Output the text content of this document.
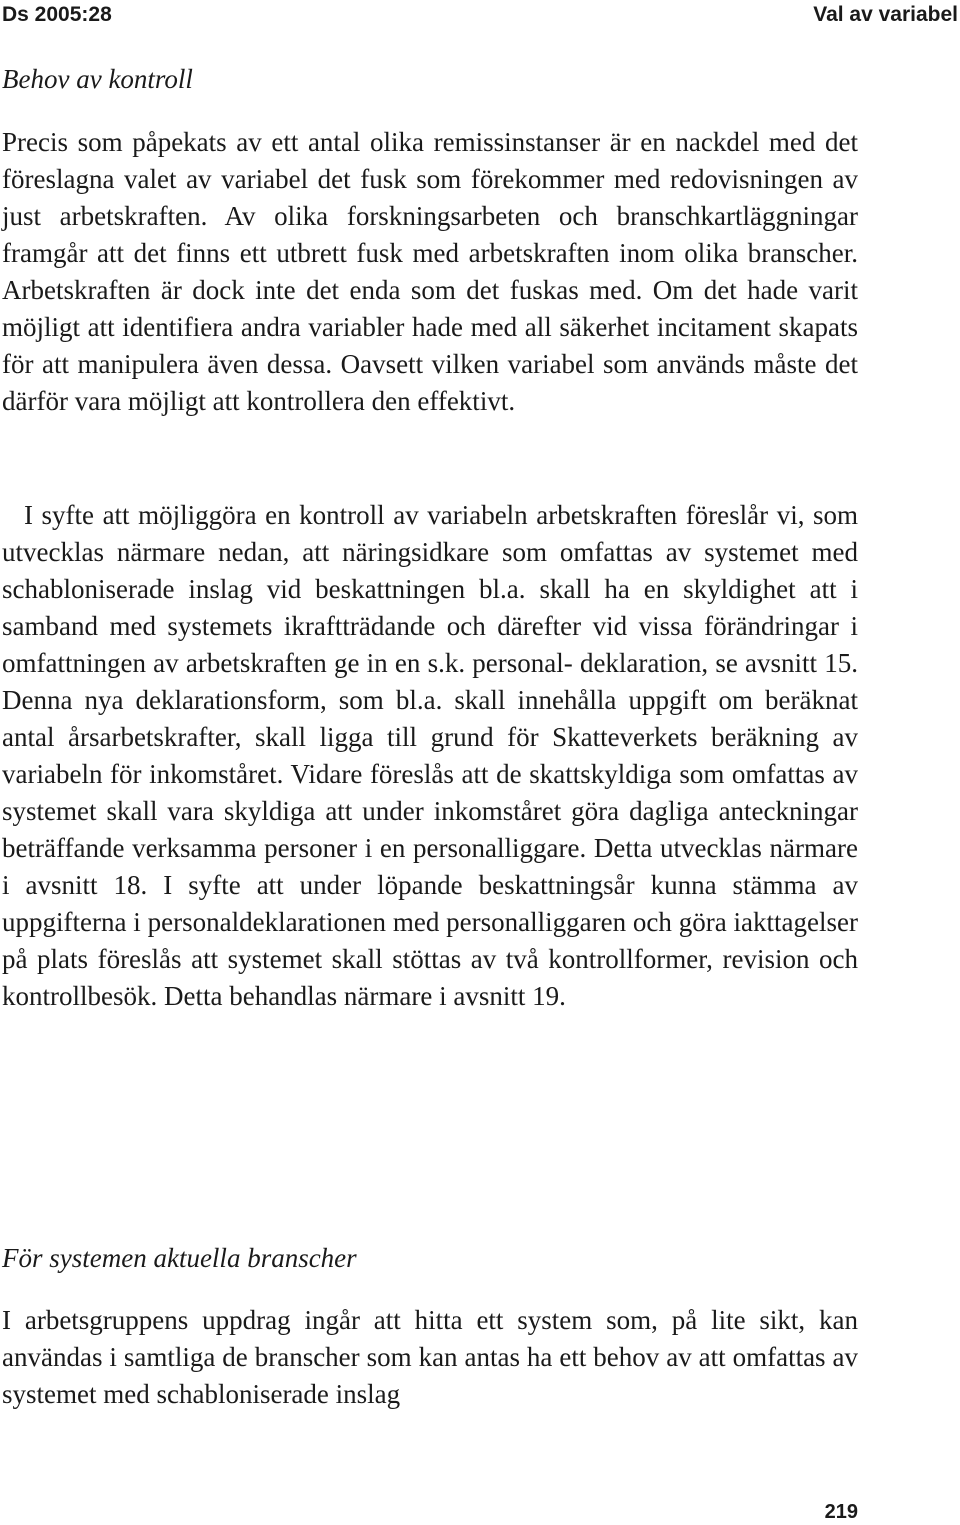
Ds 2005:28	Val av variabel
Behov av kontroll

Precis som påpekats av ett antal olika remissinstanser är en nackdel med det föreslagna valet av variabel det fusk som förekommer med redovisningen av just arbetskraften. Av olika forskningsarbeten och branschkartläggningar framgår att det finns ett utbrett fusk med arbetskraften inom olika branscher. Arbetskraften är dock inte det enda som det fuskas med. Om det hade varit möjligt att identifiera andra variabler hade med all säkerhet incitament skapats för att manipulera även dessa. Oavsett vilken variabel som används måste det därför vara möjligt att kontrollera den effektivt.

I syfte att möjliggöra en kontroll av variabeln arbetskraften föreslår vi, som utvecklas närmare nedan, att näringsidkare som omfattas av systemet med schabloniserade inslag vid beskattningen bl.a. skall ha en skyldighet att i samband med systemets ikraftträdande och därefter vid vissa förändringar i omfattningen av arbetskraften ge in en s.k. personal- deklaration, se avsnitt 15. Denna nya deklarationsform, som bl.a. skall innehålla uppgift om beräknat antal årsarbetskrafter, skall ligga till grund för Skatteverkets beräkning av variabeln för inkomståret. Vidare föreslås att de skattskyldiga som omfattas av systemet skall vara skyldiga att under inkomståret göra dagliga anteckningar beträffande verksamma personer i en personalliggare. Detta utvecklas närmare i avsnitt 18. I syfte att under löpande beskattningsår kunna stämma av uppgifterna i personaldeklarationen med personalliggaren och göra iakttagelser på plats föreslås att systemet skall stöttas av två kontrollformer, revision och kontrollbesök. Detta behandlas närmare i avsnitt 19.

För systemen aktuella branscher

I arbetsgruppens uppdrag ingår att hitta ett system som, på lite sikt, kan användas i samtliga de branscher som kan antas ha ett behov av att omfattas av systemet med schabloniserade inslag

219
